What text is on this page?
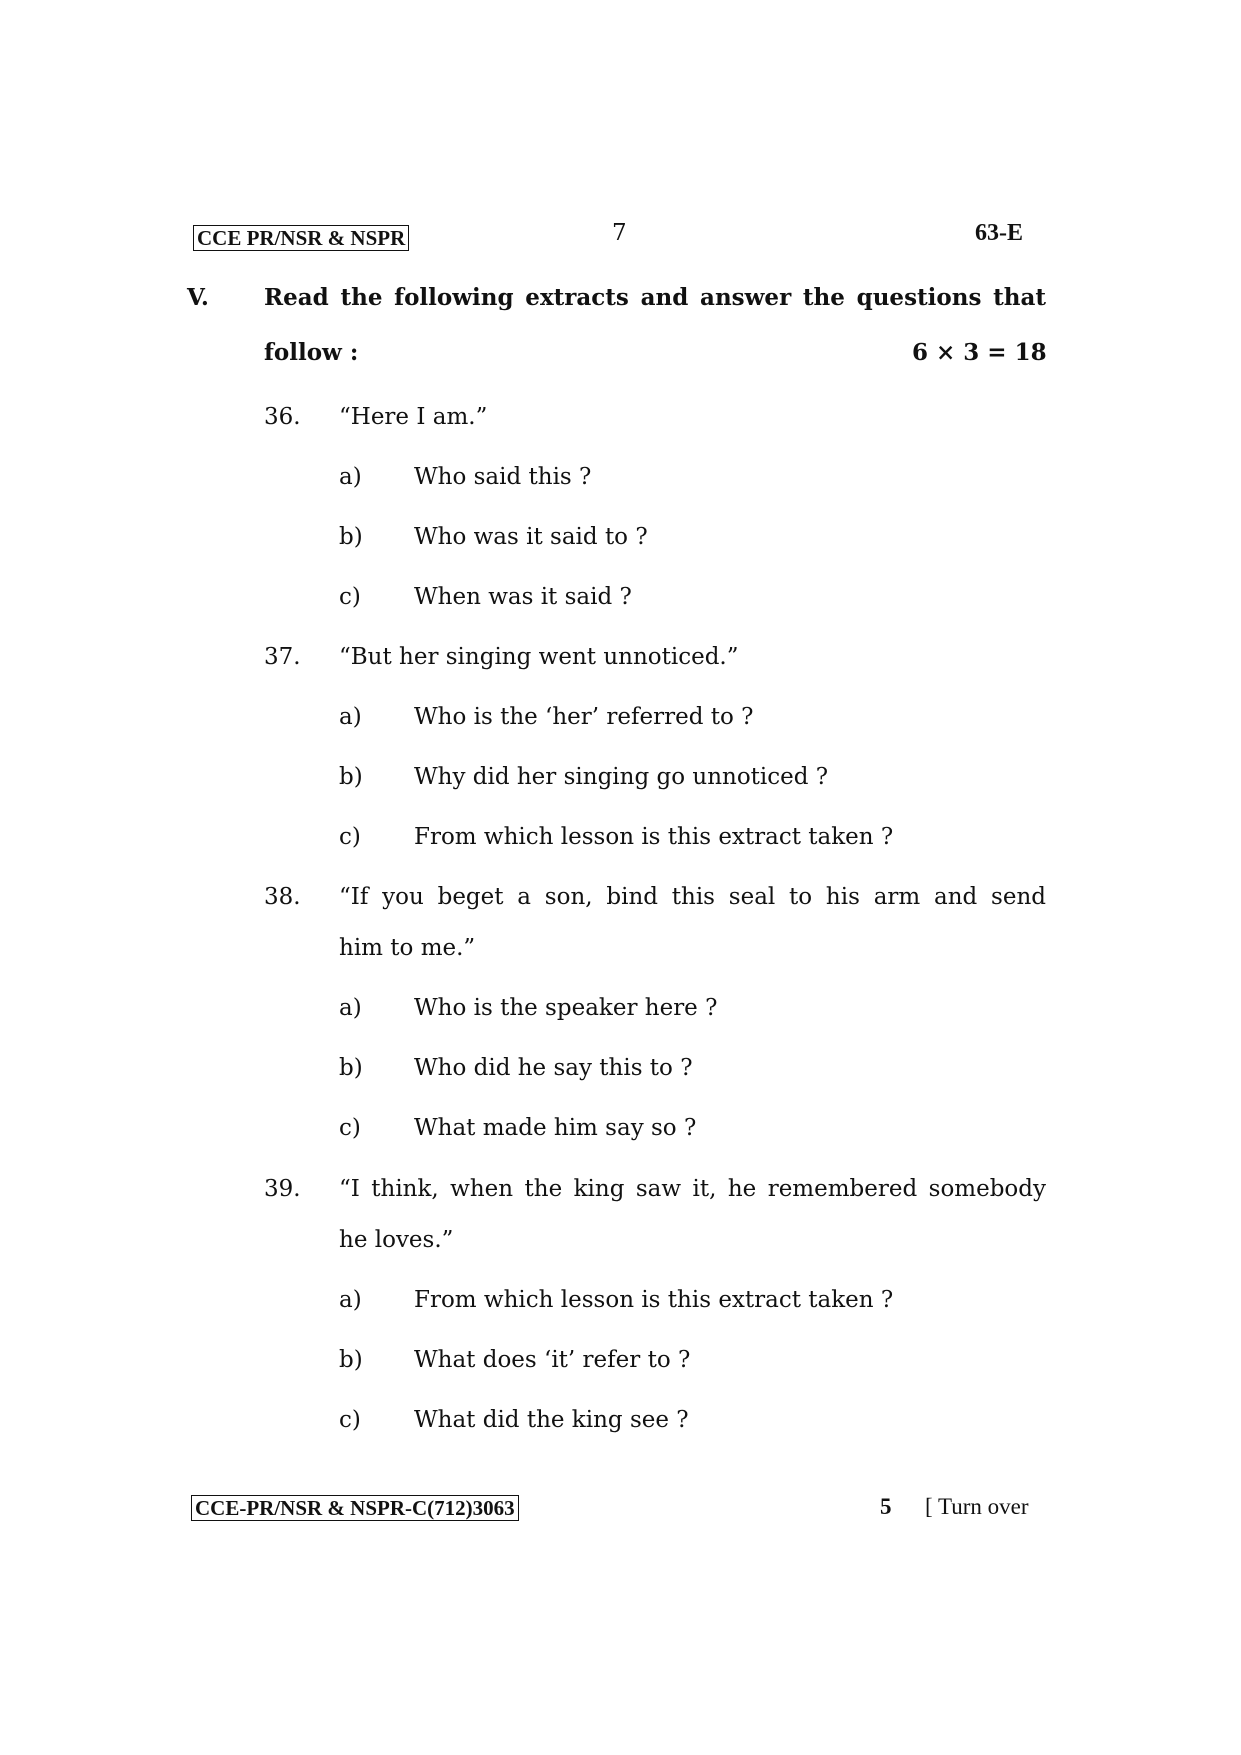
CCE PR/NSR & NSPR	7	63-E
V. Read the following extracts and answer the questions that
follow :	6 × 3 = 18
36. “Here I am.”
a) Who said this ?
b) Who was it said to ?
c) When was it said ?
37. “But her singing went unnoticed.”
a) Who is the ‘her’ referred to ?
b) Why did her singing go unnoticed ?
c) From which lesson is this extract taken ?
38. “If you beget a son, bind this seal to his arm and send
him to me.”
a) Who is the speaker here ?
b) Who did he say this to ?
c) What made him say so ?
39. “I think, when the king saw it, he remembered somebody
he loves.”
a) From which lesson is this extract taken ?
b) What does ‘it’ refer to ?
c) What did the king see ?
CCE-PR/NSR & NSPR-C(712)3063	5 [ Turn over
